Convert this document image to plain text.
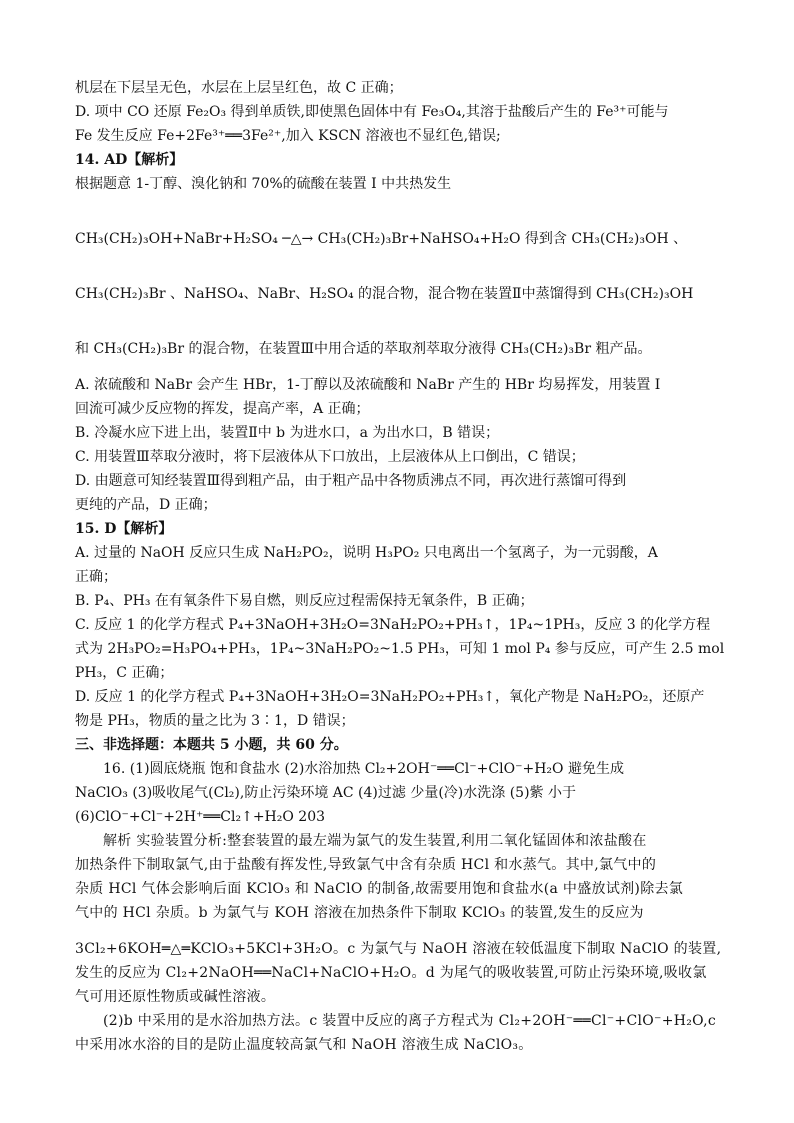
机层在下层呈无色，水层在上层呈红色，故 C 正确；
D. 项中 CO 还原 Fe₂O₃ 得到单质铁,即使黑色固体中有 Fe₃O₄,其溶于盐酸后产生的 Fe³⁺可能与
Fe 发生反应 Fe+2Fe³⁺══3Fe²⁺,加入 KSCN 溶液也不显红色,错误;
14. AD【解析】
根据题意 1-丁醇、溴化钠和 70%的硫酸在装置 I 中共热发生
CH₃(CH₂)₃OH+NaBr+H₂SO₄ ─△→ CH₃(CH₂)₃Br+NaHSO₄+H₂O 得到含 CH₃(CH₂)₃OH 、
CH₃(CH₂)₃Br 、NaHSO₄、NaBr、H₂SO₄ 的混合物，混合物在装置Ⅱ中蒸馏得到 CH₃(CH₂)₃OH
和 CH₃(CH₂)₃Br 的混合物，在装置Ⅲ中用合适的萃取剂萃取分液得 CH₃(CH₂)₃Br 粗产品。
A. 浓硫酸和 NaBr 会产生 HBr，1-丁醇以及浓硫酸和 NaBr 产生的 HBr 均易挥发，用装置 I
回流可减少反应物的挥发，提高产率，A 正确；
B. 冷凝水应下进上出，装置Ⅱ中 b 为进水口，a 为出水口，B 错误；
C. 用装置Ⅲ萃取分液时，将下层液体从下口放出，上层液体从上口倒出，C 错误；
D. 由题意可知经装置Ⅲ得到粗产品，由于粗产品中各物质沸点不同，再次进行蒸馏可得到
更纯的产品，D 正确；
15. D【解析】
A. 过量的 NaOH 反应只生成 NaH₂PO₂，说明 H₃PO₂ 只电离出一个氢离子，为一元弱酸，A
正确；
B. P₄、PH₃ 在有氧条件下易自燃，则反应过程需保持无氧条件，B 正确；
C. 反应 1 的化学方程式 P₄+3NaOH+3H₂O=3NaH₂PO₂+PH₃↑，1P₄~1PH₃，反应 3 的化学方程
式为 2H₃PO₂=H₃PO₄+PH₃，1P₄~3NaH₂PO₂~1.5 PH₃，可知 1 mol P₄ 参与反应，可产生 2.5 mol
PH₃，C 正确；
D. 反应 1 的化学方程式 P₄+3NaOH+3H₂O=3NaH₂PO₂+PH₃↑，氧化产物是 NaH₂PO₂，还原产
物是 PH₃，物质的量之比为 3∶1，D 错误；
三、非选择题：本题共 5 小题，共 60 分。
16. (1)圆底烧瓶 饱和食盐水 (2)水浴加热 Cl₂+2OH⁻══Cl⁻+ClO⁻+H₂O 避免生成
NaClO₃ (3)吸收尾气(Cl₂),防止污染环境 AC (4)过滤 少量(冷)水洗涤 (5)紫 小于
(6)ClO⁻+Cl⁻+2H⁺══Cl₂↑+H₂O 203
解析 实验装置分析:整套装置的最左端为氯气的发生装置,利用二氧化锰固体和浓盐酸在
加热条件下制取氯气,由于盐酸有挥发性,导致氯气中含有杂质 HCl 和水蒸气。其中,氯气中的
杂质 HCl 气体会影响后面 KClO₃ 和 NaClO 的制备,故需要用饱和食盐水(a 中盛放试剂)除去氯
气中的 HCl 杂质。b 为氯气与 KOH 溶液在加热条件下制取 KClO₃ 的装置,发生的反应为
3Cl₂+6KOH═△═KClO₃+5KCl+3H₂O。c 为氯气与 NaOH 溶液在较低温度下制取 NaClO 的装置,
发生的反应为 Cl₂+2NaOH══NaCl+NaClO+H₂O。d 为尾气的吸收装置,可防止污染环境,吸收氯
气可用还原性物质或碱性溶液。
(2)b 中采用的是水浴加热方法。c 装置中反应的离子方程式为 Cl₂+2OH⁻══Cl⁻+ClO⁻+H₂O,c
中采用冰水浴的目的是防止温度较高氯气和 NaOH 溶液生成 NaClO₃。
